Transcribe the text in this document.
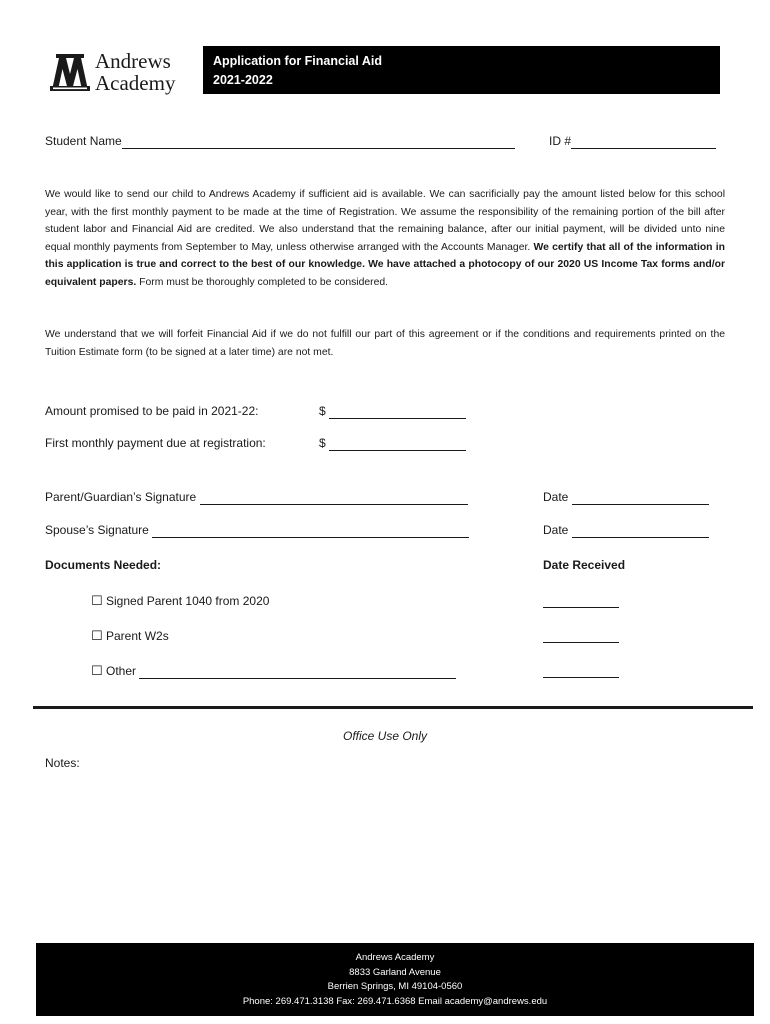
Andrews
Academy
Application for Financial Aid
2021-2022
Student Name	ID #
We would like to send our child to Andrews Academy if sufficient aid is available. We can sacrificially pay the amount listed below for this school year, with the first monthly payment to be made at the time of Registration. We assume the responsibility of the remaining portion of the bill after student labor and Financial Aid are credited. We also understand that the remaining balance, after our initial payment, will be divided unto nine equal monthly payments from September to May, unless otherwise arranged with the Accounts Manager. We certify that all of the information in this application is true and correct to the best of our knowledge. We have attached a photocopy of our 2020 US Income Tax forms and/or equivalent papers. Form must be thoroughly completed to be considered.
We understand that we will forfeit Financial Aid if we do not fulfill our part of this agreement or if the conditions and requirements printed on the Tuition Estimate form (to be signed at a later time) are not met.
Amount promised to be paid in 2021-22:	$
First monthly payment due at registration:	$
Parent/Guardian’s Signature	Date
Spouse’s Signature	Date
Documents Needed:	Date Received
☐ Signed Parent 1040 from 2020
☐ Parent W2s
☐ Other
Office Use Only
Notes:
Andrews Academy
8833 Garland Avenue
Berrien Springs, MI 49104-0560
Phone: 269.471.3138 Fax: 269.471.6368 Email academy@andrews.edu
